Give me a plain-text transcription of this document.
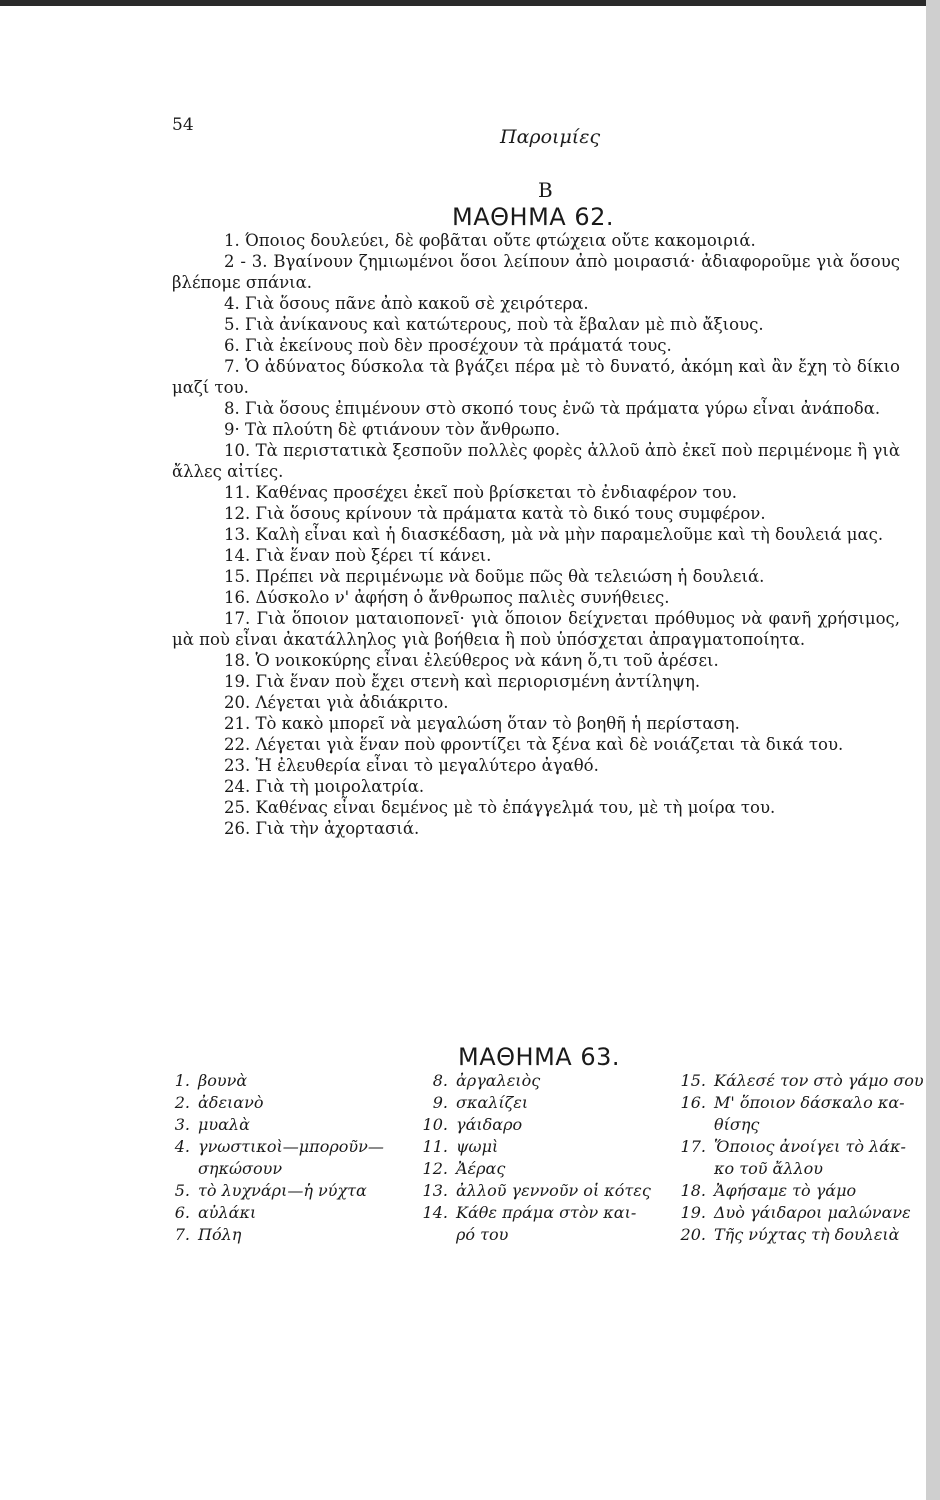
54
Παροιμίες
Β
ΜΑΘΗΜΑ 62.

1. Όποιος δουλεύει, δὲ φοβᾶται οὔτε φτώχεια οὔτε κακομοιριά.

2 - 3. Βγαίνουν ζημιωμένοι ὅσοι λείπουν ἀπὸ μοιρασιά· ἀδιαφοροῦμε γιὰ ὅσους βλέπομε σπάνια.

4. Γιὰ ὅσους πᾶνε ἀπὸ κακοῦ σὲ χειρότερα.

5. Γιὰ ἀνίκανους καὶ κατώτερους, ποὺ τὰ ἔβαλαν μὲ πιὸ ἄξιους.

6. Γιὰ ἐκείνους ποὺ δὲν προσέχουν τὰ πράματά τους.

7. Ὁ ἀδύνατος δύσκολα τὰ βγάζει πέρα μὲ τὸ δυνατό, ἀκόμη καὶ ἂν ἔχη τὸ δίκιο μαζί του.

8. Γιὰ ὅσους ἐπιμένουν στὸ σκοπό τους ἐνῶ τὰ πράματα γύρω εἶναι ἀνάποδα.

9· Τὰ πλούτη δὲ φτιάνουν τὸν ἄνθρωπο.

10. Τὰ περιστατικὰ ξεσποῦν πολλὲς φορὲς ἀλλοῦ ἀπὸ ἐκεῖ ποὺ περιμένομε ἢ γιὰ ἄλλες αἰτίες.

11. Καθένας προσέχει ἐκεῖ ποὺ βρίσκεται τὸ ἐνδιαφέρον του.

12. Γιὰ ὅσους κρίνουν τὰ πράματα κατὰ τὸ δικό τους συμφέρον.

13. Καλὴ εἶναι καὶ ἡ διασκέδαση, μὰ νὰ μὴν παραμελοῦμε καὶ τὴ δουλειά μας.

14. Γιὰ ἕναν ποὺ ξέρει τί κάνει.

15. Πρέπει νὰ περιμένωμε νὰ δοῦμε πῶς θὰ τελειώση ἡ δουλειά.

16. Δύσκολο ν' ἀφήση ὁ ἄνθρωπος παλιὲς συνήθειες.

17. Γιὰ ὅποιον ματαιοπονεῖ· γιὰ ὅποιον δείχνεται πρόθυμος νὰ φανῆ χρήσιμος, μὰ ποὺ εἶναι ἀκατάλληλος γιὰ βοήθεια ἢ ποὺ ὑπόσχεται ἀπραγματοποίητα.

18. Ὁ νοικοκύρης εἶναι ἐλεύθερος νὰ κάνη ὅ,τι τοῦ ἀρέσει.

19. Γιὰ ἕναν ποὺ ἔχει στενὴ καὶ περιορισμένη ἀντίληψη.

20. Λέγεται γιὰ ἀδιάκριτο.

21. Τὸ κακὸ μπορεῖ νὰ μεγαλώση ὅταν τὸ βοηθῆ ἡ περίσταση.

22. Λέγεται γιὰ ἕναν ποὺ φροντίζει τὰ ξένα καὶ δὲ νοιάζεται τὰ δικά του.

23. Ἡ ἐλευθερία εἶναι τὸ μεγαλύτερο ἀγαθό.

24. Γιὰ τὴ μοιρολατρία.

25. Καθένας εἶναι δεμένος μὲ τὸ ἐπάγγελμά του, μὲ τὴ μοίρα του.

26. Γιὰ τὴν ἀχορτασιά.

ΜΑΘΗΜΑ 63.
1. βουνὰ
2. ἀδειανὸ
3. μυαλὰ
4. γνωστικοὶ—μποροῦν—
σηκώσουν
5. τὸ λυχνάρι—ἡ νύχτα
6. αὐλάκι
7. Πόλη
8. ἀργαλειὸς
9. σκαλίζει
10. γάιδαρο
11. ψωμὶ
12. Ἀέρας
13. ἀλλοῦ γεννοῦν οἱ κότες
14. Κάθε πράμα στὸν και-
ρό του
15. Κάλεσέ τον στὸ γάμο σου
16. Μ' ὅποιον δάσκαλο κα-
θίσης
17. Ὅποιος ἀνοίγει τὸ λάκ-
κο τοῦ ἄλλου
18. Ἀφήσαμε τὸ γάμο
19. Δυὸ γάιδαροι μαλώνανε
20. Τῆς νύχτας τὴ δουλειὰ
